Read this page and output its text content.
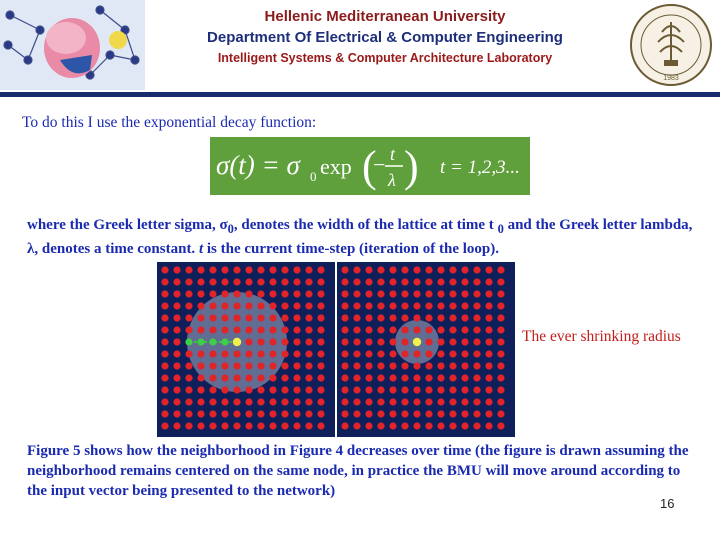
Hellenic Mediterranean University
Department Of Electrical & Computer Engineering
Intelligent Systems & Computer Architecture Laboratory
1983
To do this I use the exponential decay function:
σ(t) = σ 0 exp (
− t
λ ) t = 1,2,3...
where the Greek letter sigma, $\sigma_0$, denotes the width of the lattice at time t $_0$ and the Greek letter lambda, λ, denotes a time constant. t is the current time-step (iteration of the loop).
The ever shrinking radius
Figure 5 shows how the neighborhood in Figure 4 decreases over time (the figure is drawn assuming the neighborhood remains centered on the same node, in practice the BMU will move around according to the input vector being presented to the network)
16
